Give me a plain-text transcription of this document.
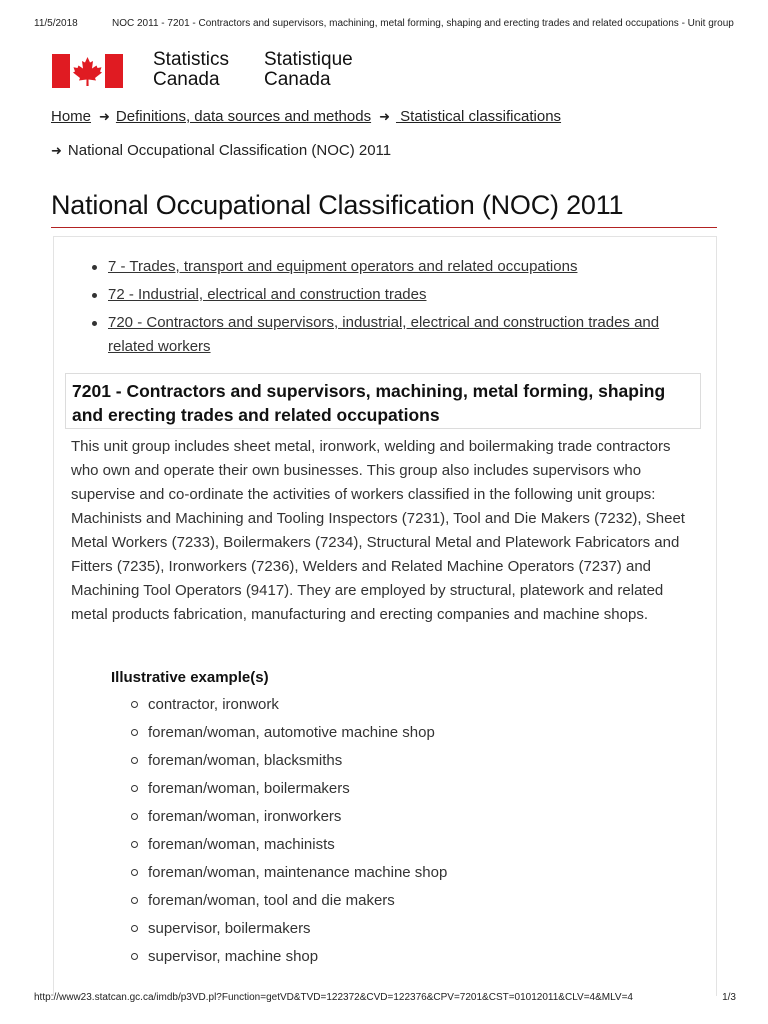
11/5/2018	NOC 2011 - 7201 - Contractors and supervisors, machining, metal forming, shaping and erecting trades and related occupations - Unit group
Statistics
Canada
Statistique
Canada
Home ➜ Definitions, data sources and methods ➜ Statistical classifications
➜ National Occupational Classification (NOC) 2011
National Occupational Classification (NOC) 2011
7 - Trades, transport and equipment operators and related occupations
72 - Industrial, electrical and construction trades
720 - Contractors and supervisors, industrial, electrical and construction trades and related workers
7201 - Contractors and supervisors, machining, metal forming, shaping and erecting trades and related occupations

This unit group includes sheet metal, ironwork, welding and boilermaking trade contractors who own and operate their own businesses. This group also includes supervisors who supervise and co-ordinate the activities of workers classified in the following unit groups: Machinists and Machining and Tooling Inspectors (7231), Tool and Die Makers (7232), Sheet Metal Workers (7233), Boilermakers (7234), Structural Metal and Platework Fabricators and Fitters (7235), Ironworkers (7236), Welders and Related Machine Operators (7237) and Machining Tool Operators (9417). They are employed by structural, platework and related metal products fabrication, manufacturing and erecting companies and machine shops.

Illustrative example(s)
contractor, ironwork
foreman/woman, automotive machine shop
foreman/woman, blacksmiths
foreman/woman, boilermakers
foreman/woman, ironworkers
foreman/woman, machinists
foreman/woman, maintenance machine shop
foreman/woman, tool and die makers
supervisor, boilermakers
supervisor, machine shop
http://www23.statcan.gc.ca/imdb/p3VD.pl?Function=getVD&TVD=122372&CVD=122376&CPV=7201&CST=01012011&CLV=4&MLV=4	1/3
